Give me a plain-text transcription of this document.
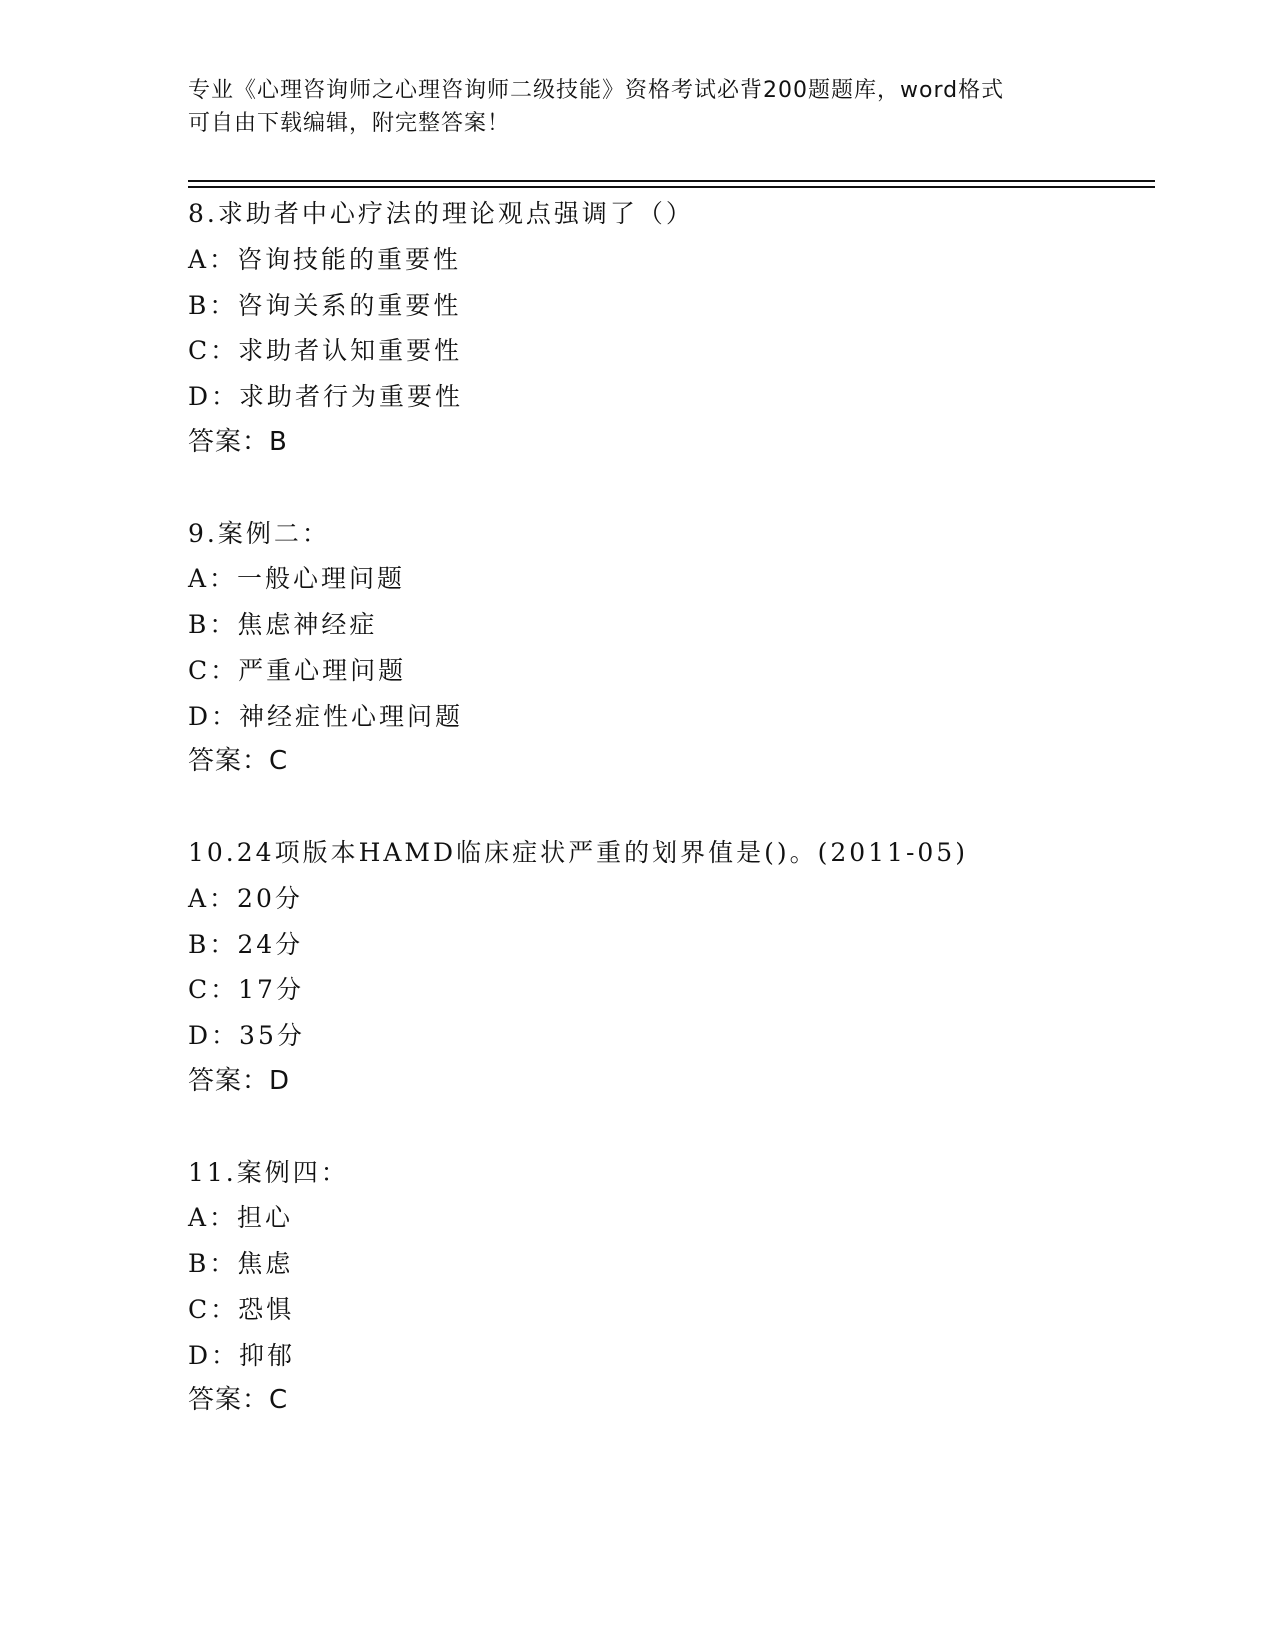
专业《心理咨询师之心理咨询师二级技能》资格考试必背200题题库，word格式
可自由下载编辑，附完整答案！
8.求助者中心疗法的理论观点强调了（）
A：咨询技能的重要性
B：咨询关系的重要性
C：求助者认知重要性
D：求助者行为重要性
答案：B
9.案例二：
A：一般心理问题
B：焦虑神经症
C：严重心理问题
D：神经症性心理问题
答案：C
10.24项版本HAMD临床症状严重的划界值是()。(2011-05)
A：20分
B：24分
C：17分
D：35分
答案：D
11.案例四：
A：担心
B：焦虑
C：恐惧
D：抑郁
答案：C
